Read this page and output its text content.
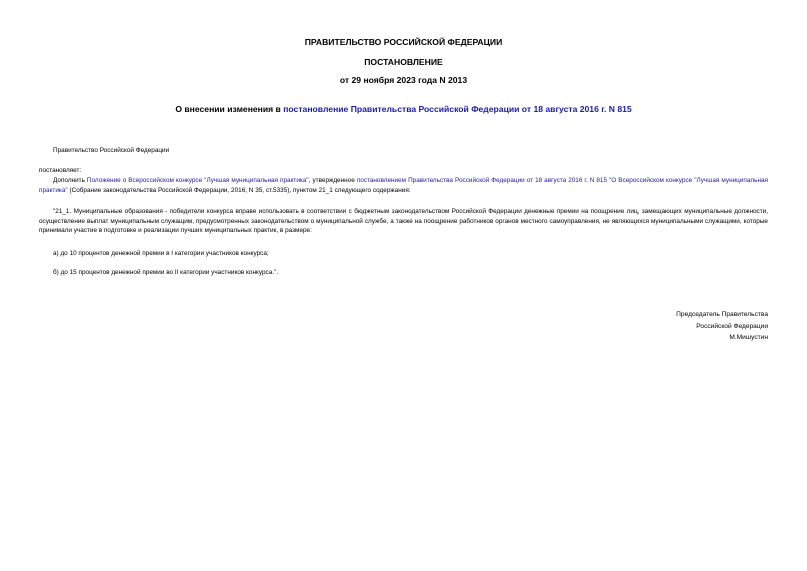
ПРАВИТЕЛЬСТВО РОССИЙСКОЙ ФЕДЕРАЦИИ
ПОСТАНОВЛЕНИЕ
от 29 ноября 2023 года N 2013
О внесении изменения в постановление Правительства Российской Федерации от 18 августа 2016 г. N 815
Правительство Российской Федерации
постановляет:
Дополнить Положение о Всероссийском конкурсе "Лучшая муниципальная практика", утвержденное постановлением Правительства Российской Федерации от 18 августа 2016 г. N 815 "О Всероссийском конкурсе "Лучшая муниципальная практика" (Собрание законодательства Российской Федерации, 2016, N 35, ст.5335), пунктом 21_1 следующего содержания:
"21_1. Муниципальные образования - победители конкурса вправе использовать в соответствии с бюджетным законодательством Российской Федерации денежные премии на поощрение лиц, замещающих муниципальные должности, осуществление выплат муниципальным служащим, предусмотренных законодательством о муниципальной службе, а также на поощрение работников органов местного самоуправления, не являющихся муниципальными служащими, которые принимали участие в подготовке и реализации лучших муниципальных практик, в размере:
а) до 10 процентов денежной премии в I категории участников конкурса;
б) до 15 процентов денежной премии во II категории участников конкурса.".
Председатель Правительства
Российской Федерации
М.Мишустин
